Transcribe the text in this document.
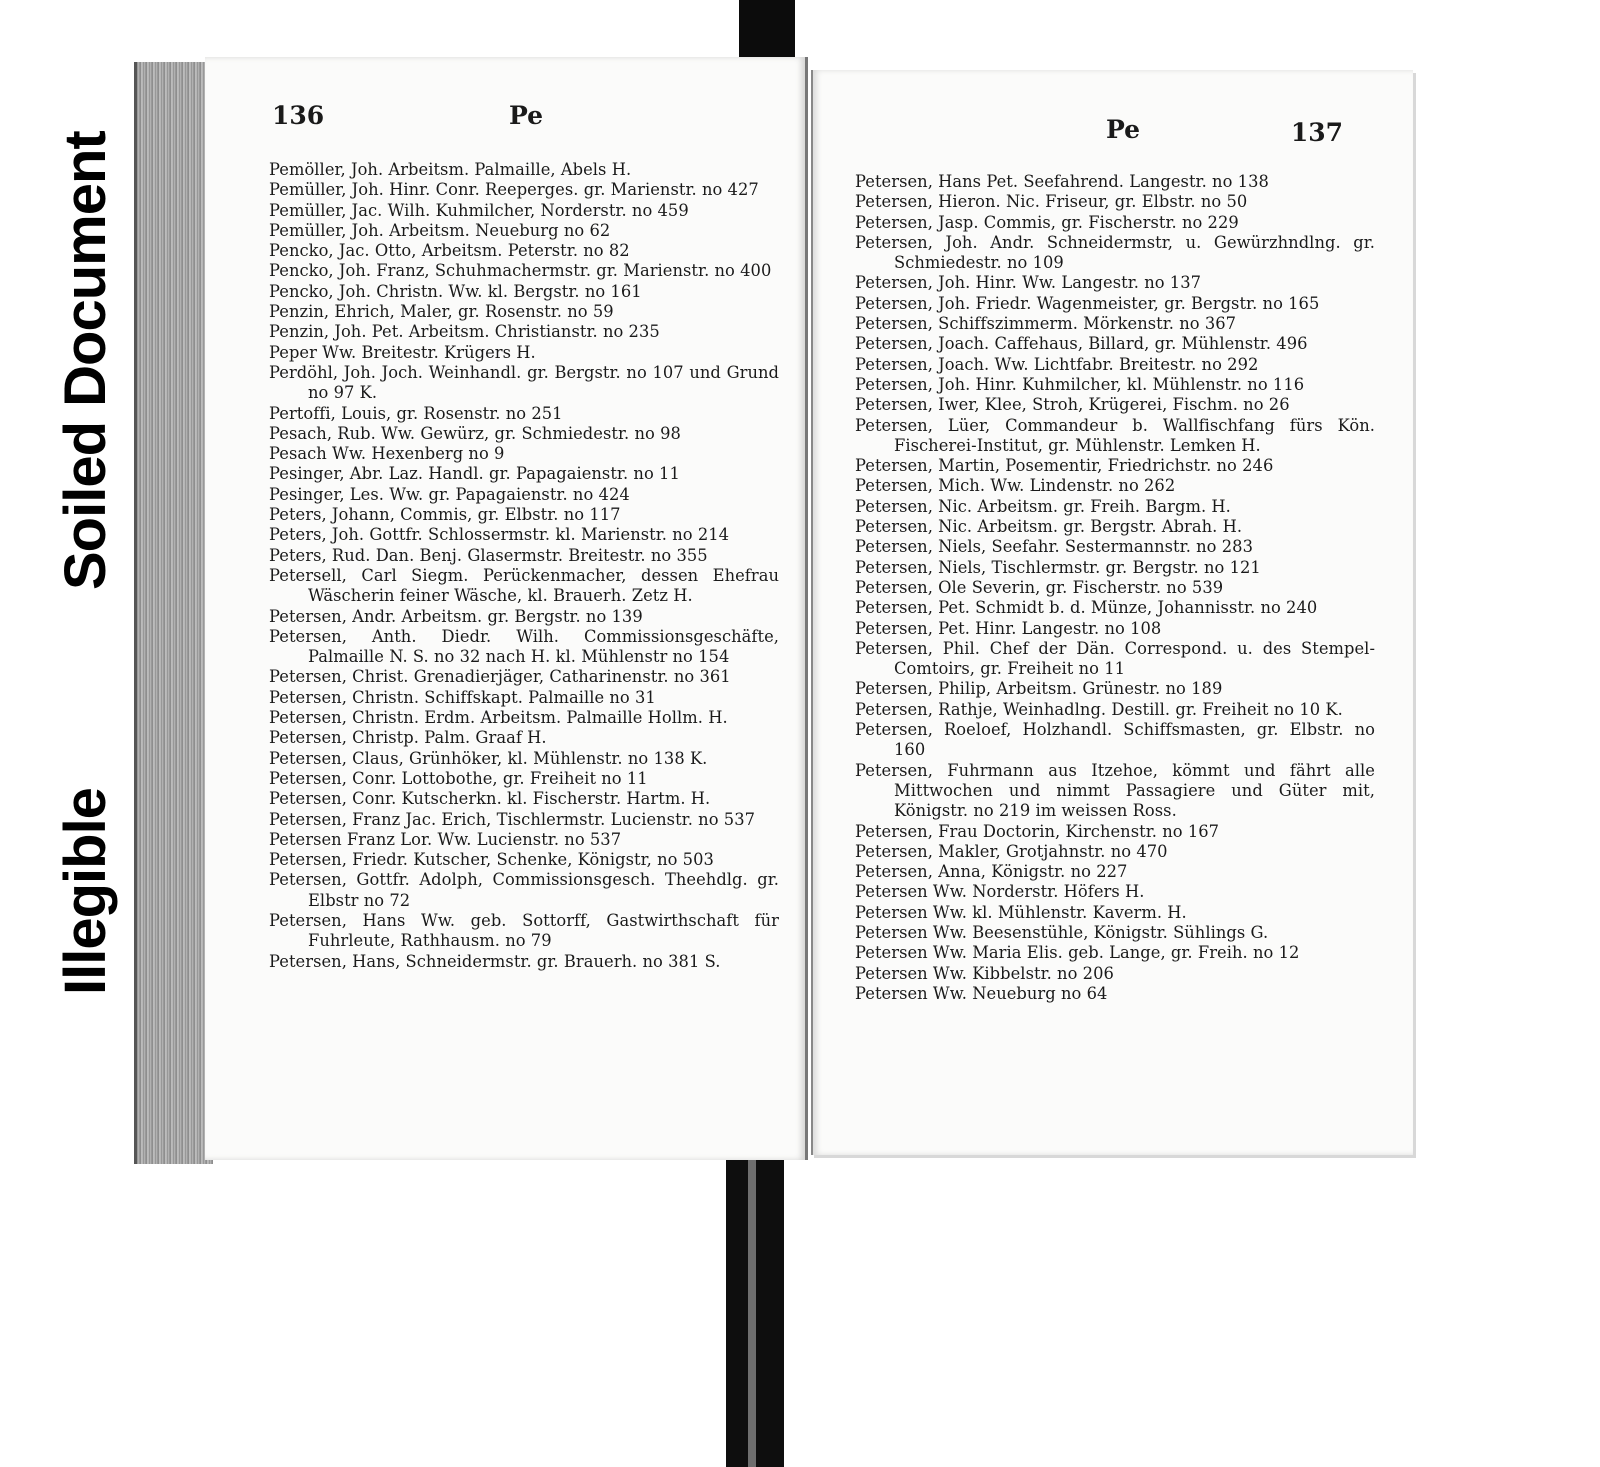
Soiled Document
Illegible
136	Pe
Pemöller, Joh. Arbeitsm. Palmaille, Abels H.
Pemüller, Joh. Hinr. Conr. Reeperges. gr. Marienstr. no 427
Pemüller, Jac. Wilh. Kuhmilcher, Norderstr. no 459
Pemüller, Joh. Arbeitsm. Neueburg no 62
Pencko, Jac. Otto, Arbeitsm. Peterstr. no 82
Pencko, Joh. Franz, Schuhmachermstr. gr. Marienstr. no 400
Pencko, Joh. Christn. Ww. kl. Bergstr. no 161
Penzin, Ehrich, Maler, gr. Rosenstr. no 59
Penzin, Joh. Pet. Arbeitsm. Christianstr. no 235
Peper Ww. Breitestr. Krügers H.
Perdöhl, Joh. Joch. Weinhandl. gr. Bergstr. no 107 und Grund no 97 K.
Pertoffi, Louis, gr. Rosenstr. no 251
Pesach, Rub. Ww. Gewürz, gr. Schmiedestr. no 98
Pesach Ww. Hexenberg no 9
Pesinger, Abr. Laz. Handl. gr. Papagaienstr. no 11
Pesinger, Les. Ww. gr. Papagaienstr. no 424
Peters, Johann, Commis, gr. Elbstr. no 117
Peters, Joh. Gottfr. Schlossermstr. kl. Marienstr. no 214
Peters, Rud. Dan. Benj. Glasermstr. Breitestr. no 355
Petersell, Carl Siegm. Perückenmacher, dessen Ehefrau Wäscherin feiner Wäsche, kl. Brauerh. Zetz H.
Petersen, Andr. Arbeitsm. gr. Bergstr. no 139
Petersen, Anth. Diedr. Wilh. Commissionsgeschäfte, Palmaille N. S. no 32 nach H. kl. Mühlenstr no 154
Petersen, Christ. Grenadierjäger, Catharinenstr. no 361
Petersen, Christn. Schiffskapt. Palmaille no 31
Petersen, Christn. Erdm. Arbeitsm. Palmaille Hollm. H.
Petersen, Christp. Palm. Graaf H.
Petersen, Claus, Grünhöker, kl. Mühlenstr. no 138 K.
Petersen, Conr. Lottobothe, gr. Freiheit no 11
Petersen, Conr. Kutscherkn. kl. Fischerstr. Hartm. H.
Petersen, Franz Jac. Erich, Tischlermstr. Lucienstr. no 537
Petersen Franz Lor. Ww. Lucienstr. no 537
Petersen, Friedr. Kutscher, Schenke, Königstr, no 503
Petersen, Gottfr. Adolph, Commissionsgesch. Theehdlg. gr. Elbstr no 72
Petersen, Hans Ww. geb. Sottorff, Gastwirthschaft für Fuhrleute, Rathhausm. no 79
Petersen, Hans, Schneidermstr. gr. Brauerh. no 381 S.
Pe	137
Petersen, Hans Pet. Seefahrend. Langestr. no 138
Petersen, Hieron. Nic. Friseur, gr. Elbstr. no 50
Petersen, Jasp. Commis, gr. Fischerstr. no 229
Petersen, Joh. Andr. Schneidermstr, u. Gewürzhndlng. gr. Schmiedestr. no 109
Petersen, Joh. Hinr. Ww. Langestr. no 137
Petersen, Joh. Friedr. Wagenmeister, gr. Bergstr. no 165
Petersen, Schiffszimmerm. Mörkenstr. no 367
Petersen, Joach. Caffehaus, Billard, gr. Mühlenstr. 496
Petersen, Joach. Ww. Lichtfabr. Breitestr. no 292
Petersen, Joh. Hinr. Kuhmilcher, kl. Mühlenstr. no 116
Petersen, Iwer, Klee, Stroh, Krügerei, Fischm. no 26
Petersen, Lüer, Commandeur b. Wallfischfang fürs Kön. Fischerei-Institut, gr. Mühlenstr. Lemken H.
Petersen, Martin, Posementir, Friedrichstr. no 246
Petersen, Mich. Ww. Lindenstr. no 262
Petersen, Nic. Arbeitsm. gr. Freih. Bargm. H.
Petersen, Nic. Arbeitsm. gr. Bergstr. Abrah. H.
Petersen, Niels, Seefahr. Sestermannstr. no 283
Petersen, Niels, Tischlermstr. gr. Bergstr. no 121
Petersen, Ole Severin, gr. Fischerstr. no 539
Petersen, Pet. Schmidt b. d. Münze, Johannisstr. no 240
Petersen, Pet. Hinr. Langestr. no 108
Petersen, Phil. Chef der Dän. Correspond. u. des Stempel-Comtoirs, gr. Freiheit no 11
Petersen, Philip, Arbeitsm. Grünestr. no 189
Petersen, Rathje, Weinhadlng. Destill. gr. Freiheit no 10 K.
Petersen, Roeloef, Holzhandl. Schiffsmasten, gr. Elbstr. no 160
Petersen, Fuhrmann aus Itzehoe, kömmt und fährt alle Mittwochen und nimmt Passagiere und Güter mit, Königstr. no 219 im weissen Ross.
Petersen, Frau Doctorin, Kirchenstr. no 167
Petersen, Makler, Grotjahnstr. no 470
Petersen, Anna, Königstr. no 227
Petersen Ww. Norderstr. Höfers H.
Petersen Ww. kl. Mühlenstr. Kaverm. H.
Petersen Ww. Beesenstühle, Königstr. Sühlings G.
Petersen Ww. Maria Elis. geb. Lange, gr. Freih. no 12
Petersen Ww. Kibbelstr. no 206
Petersen Ww. Neueburg no 64
